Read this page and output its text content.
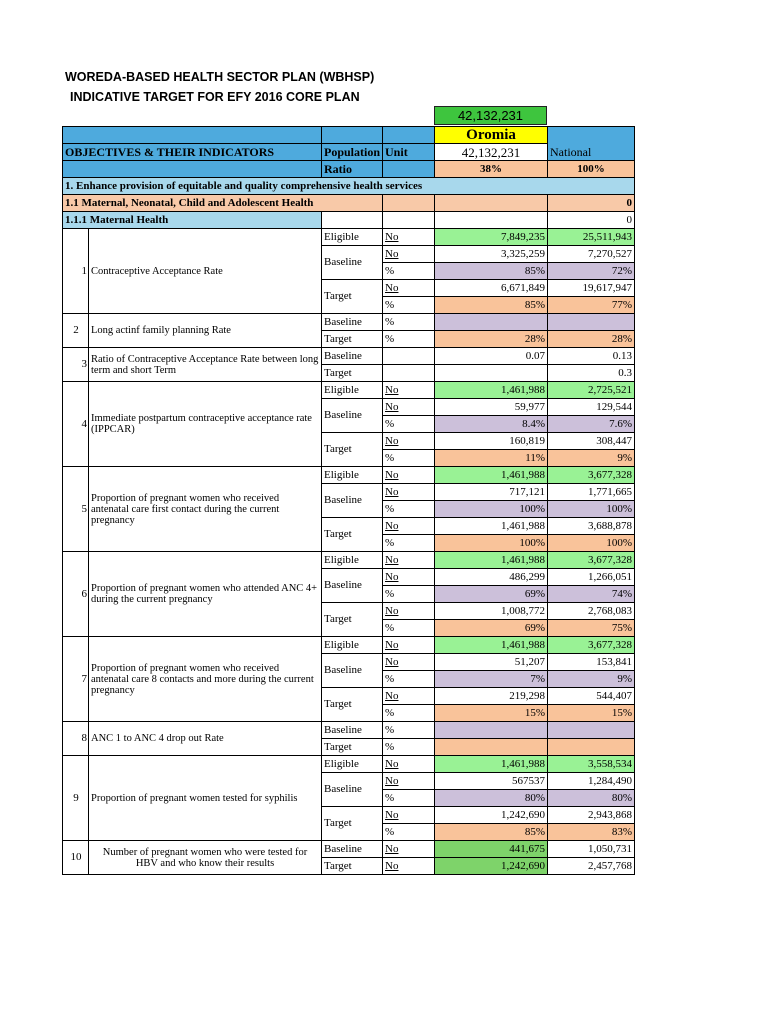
WOREDA-BASED HEALTH SECTOR PLAN (WBHSP)
INDICATIVE TARGET FOR EFY 2016 CORE PLAN
42,132,231
				Oromia	National
OBJECTIVES & THEIR INDICATORS		Population	Unit	42,132,231	
		Ratio		38%	100%
1. Enhance provision of equitable and quality comprehensive health services					
1.1 Maternal, Neonatal, Child and Adolescent Health					0
1.1.1 Maternal Health					0
1	Contraceptive Acceptance Rate	Eligible	No	7,849,235	25,511,943
		Baseline	No	3,325,259	7,270,527
			%	85%	72%
		Target	No	6,671,849	19,617,947
			%	85%	77%
2	Long actinf family planning Rate	Baseline	%		
		Target	%	28%	28%
3	Ratio of Contraceptive Acceptance Rate between long term and short Term	Baseline		0.07	0.13
		Target			0.3
4	Immediate postpartum contraceptive acceptance rate (IPPCAR)	Eligible	No	1,461,988	2,725,521
		Baseline	No	59,977	129,544
			%	8.4%	7.6%
		Target	No	160,819	308,447
			%	11%	9%
5	Proportion of pregnant women who received antenatal care first contact during the current pregnancy	Eligible	No	1,461,988	3,677,328
		Baseline	No	717,121	1,771,665
			%	100%	100%
		Target	No	1,461,988	3,688,878
			%	100%	100%
6	Proportion of pregnant women who attended ANC 4+ during the current pregnancy	Eligible	No	1,461,988	3,677,328
		Baseline	No	486,299	1,266,051
			%	69%	74%
		Target	No	1,008,772	2,768,083
			%	69%	75%
7	Proportion of pregnant women who received antenatal care 8 contacts and more during the current pregnancy	Eligible	No	1,461,988	3,677,328
		Baseline	No	51,207	153,841
			%	7%	9%
		Target	No	219,298	544,407
			%	15%	15%
8	ANC 1 to ANC 4 drop out Rate	Baseline	%		
		Target	%		
9	Proportion of pregnant women tested for syphilis	Eligible	No	1,461,988	3,558,534
		Baseline	No	567537	1,284,490
			%	80%	80%
		Target	No	1,242,690	2,943,868
			%	85%	83%
10	Number of pregnant women who were tested for HBV and who know their results	Baseline	No	441,675	1,050,731
		Target	No	1,242,690	2,457,768
